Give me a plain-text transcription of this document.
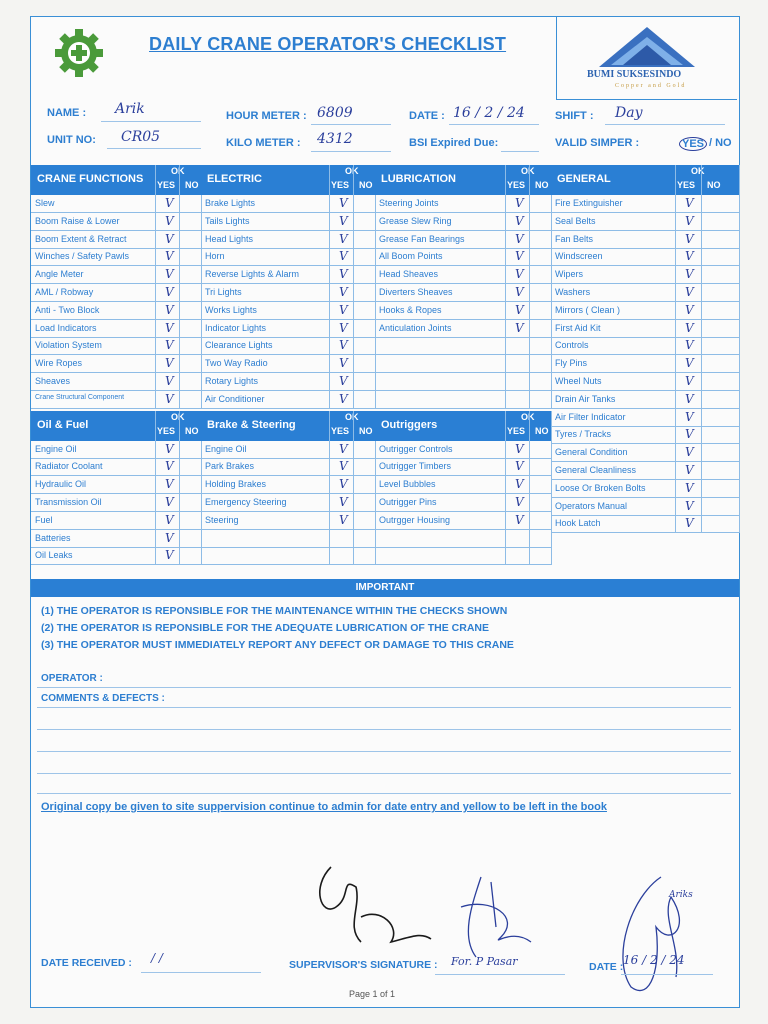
DAILY CRANE OPERATOR'S CHECKLIST
BUMI SUKSESINDO
Copper and Gold
NAME : Arik
UNIT NO: CR05
HOUR METER : 6809
KILO METER : 4312
DATE : 16 / 2 / 24
BSI Expired Due:
SHIFT : Day
VALID SIMPER :	YES / NO
CRANE FUNCTIONS
OK
YES NO
Slew	V
Boom Raise & Lower	V
Boom Extent & Retract	V
Winches / Safety Pawls	V
Angle Meter	V
AML / Robway	V
Anti - Two Block	V
Load Indicators	V
Violation System	V
Wire Ropes	V
Sheaves	V
Crane Structural Component	V
ELECTRIC
OK
YES NO
Brake Lights	V
Tails Lights	V
Head Lights	V
Horn	V
Reverse Lights & Alarm	V
Tri Lights	V
Works Lights	V
Indicator Lights	V
Clearance Lights	V
Two Way Radio	V
Rotary Lights	V
Air Conditioner	V
LUBRICATION
OK
YES NO
Steering Joints	V
Grease Slew Ring	V
Grease Fan Bearings	V
All Boom Points	V
Head Sheaves	V
Diverters Sheaves	V
Hooks & Ropes	V
Anticulation Joints	V
GENERAL
OK
YES NO
Fire Extinguisher	V
Seal Belts	V
Fan Belts	V
Windscreen	V
Wipers	V
Washers	V
Mirrors ( Clean )	V
First Aid Kit	V
Controls	V
Fly Pins	V
Wheel Nuts	V
Drain Air Tanks	V
Air Filter Indicator	V
Tyres / Tracks	V
General Condition	V
General Cleanliness	V
Loose Or Broken Bolts	V
Operators Manual	V
Hook Latch	V
Oil & Fuel
OK
YES NO
Engine Oil	V
Radiator Coolant	V
Hydraulic Oil	V
Transmission Oil	V
Fuel	V
Batteries	V
Oil Leaks	V
Brake & Steering
OK
YES NO
Engine Oil	V
Park Brakes	V
Holding Brakes	V
Emergency Steering	V
Steering	V
Outriggers
OK
YES NO
Outrigger Controls	V
Outrigger Timbers	V
Level Bubbles	V
Outrigger Pins	V
Outrgger Housing	V
IMPORTANT
(1) THE OPERATOR IS REPONSIBLE FOR THE MAINTENANCE WITHIN THE CHECKS SHOWN
(2) THE OPERATOR IS REPONSIBLE FOR THE ADEQUATE LUBRICATION OF THE CRANE
(3) THE OPERATOR MUST IMMEDIATELY REPORT ANY DEFECT OR DAMAGE TO THIS CRANE
OPERATOR :
COMMENTS & DEFECTS :
Original copy be given to site suppervision continue to admin for date entry and yellow to be left in the book
Ariks
DATE RECEIVED : / /	SUPERVISOR'S SIGNATURE : For. P Pasar	DATE : 16 / 2 / 24
Page 1 of 1
